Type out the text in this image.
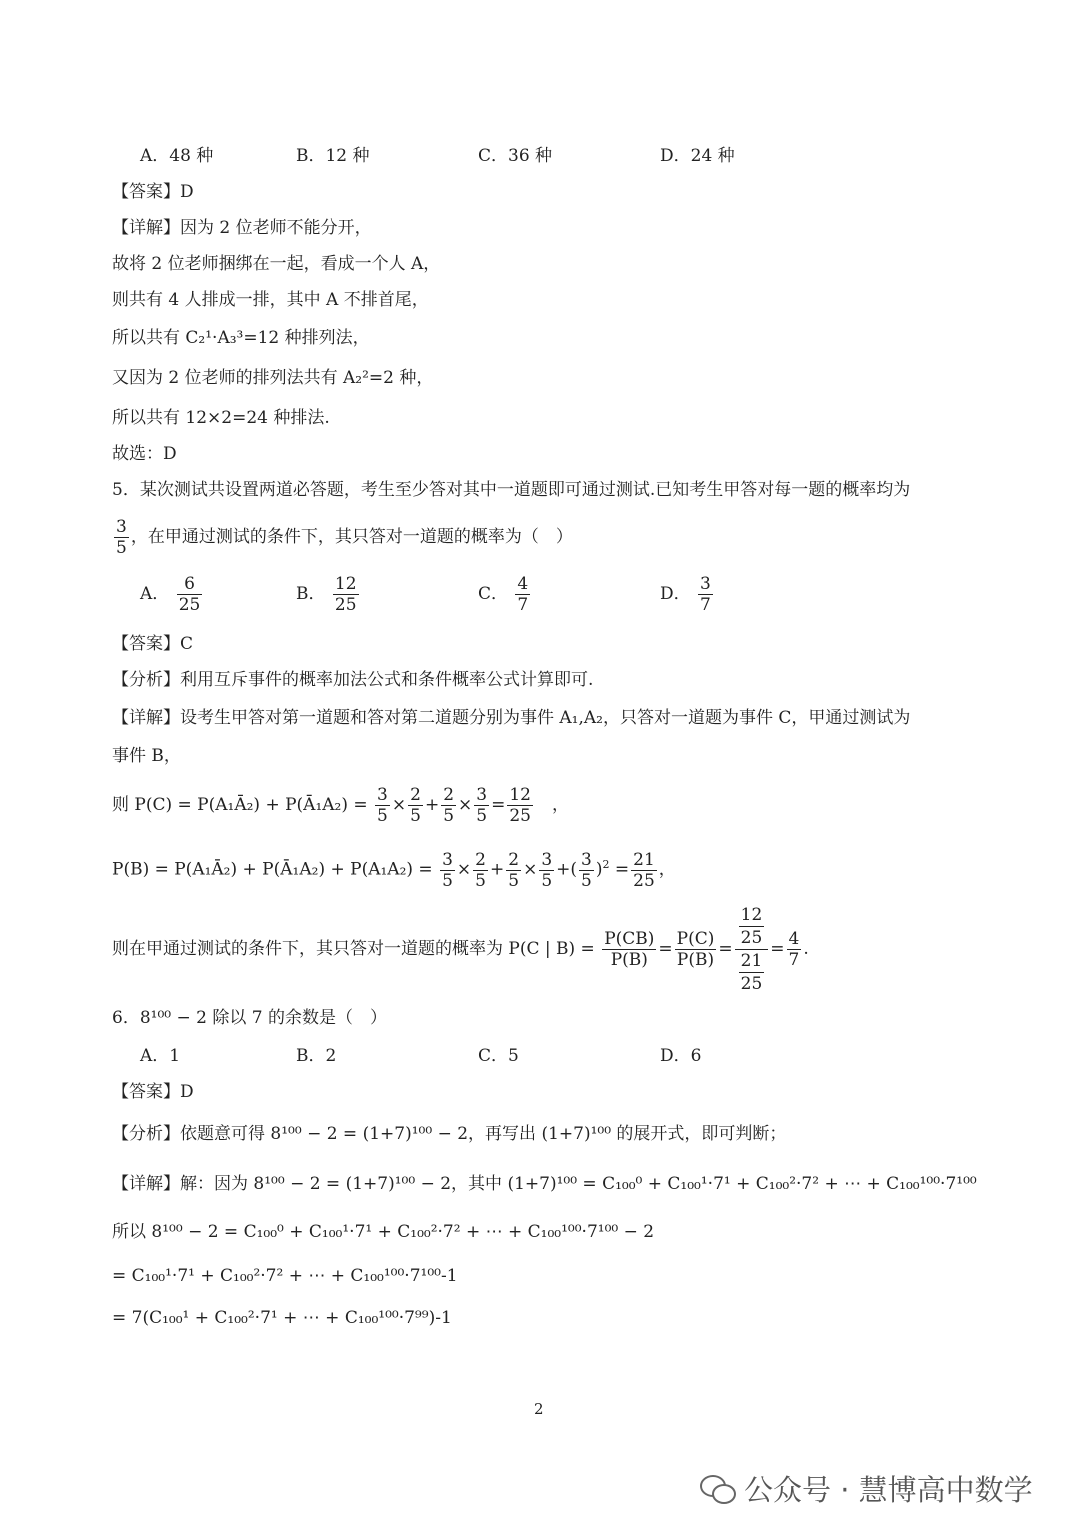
A．48 种	B．12 种	C．36 种	D．24 种
【答案】D
【详解】因为 2 位老师不能分开，
故将 2 位老师捆绑在一起，看成一个人 A，
则共有 4 人排成一排，其中 A 不排首尾，
所以共有 C₂¹·A₃³=12 种排列法，
又因为 2 位老师的排列法共有 A₂²=2 种，
所以共有 12×2=24 种排法.
故选：D
5．某次测试共设置两道必答题，考生至少答对其中一道题即可通过测试.已知考生甲答对每一题的概率均为
$\frac{3}{5}$ ，在甲通过测试的条件下，其只答对一道题的概率为（　）
A． $\frac{6}{25}$	B． $\frac{12}{25}$	C． $\frac{4}{7}$	D． $\frac{3}{7}$
【答案】C
【分析】利用互斥事件的概率加法公式和条件概率公式计算即可.
【详解】设考生甲答对第一道题和答对第二道题分别为事件 A₁,A₂，只答对一道题为事件 C，甲通过测试为
事件 B，
则 P(C) = P(A₁Ā₂) + P(Ā₁A₂) = $\frac{3}{5} \times \frac{2}{5} + \frac{2}{5} \times \frac{3}{5} = \frac{12}{25}$ 　，
P(B) = P(A₁Ā₂) + P(Ā₁A₂) + $P(A_1A_2) = \frac{3}{5} \times \frac{2}{5} + \frac{2}{5} \times \frac{3}{5}$ +( $\frac{3}{5} )^2 = \frac{21}{25}$ ，
则在甲通过测试的条件下，其只答对一道题的概率为 P(C | $B) = \frac{P(CB)}{P(B)} = \frac{P(C)}{P(B)} = \frac{\frac{12}{25}}{\frac{21}{25}} = \frac{4}{7}$ .
6．8¹⁰⁰ − 2 除以 7 的余数是（　）
A．1	B．2	C．5	D．6
【答案】D
【分析】依题意可得 8¹⁰⁰ − 2 = (1+7)¹⁰⁰ − 2，再写出 (1+7)¹⁰⁰ 的展开式，即可判断；
【详解】解：因为 8¹⁰⁰ − 2 = (1+7)¹⁰⁰ − 2，其中 (1+7)¹⁰⁰ = C₁₀₀⁰ + C₁₀₀¹·7¹ + C₁₀₀²·7² + ⋯ + C₁₀₀¹⁰⁰·7¹⁰⁰
所以 8¹⁰⁰ − 2 = C₁₀₀⁰ + C₁₀₀¹·7¹ + C₁₀₀²·7² + ⋯ + C₁₀₀¹⁰⁰·7¹⁰⁰ − 2
= C₁₀₀¹·7¹ + C₁₀₀²·7² + ⋯ + C₁₀₀¹⁰⁰·7¹⁰⁰-1
= 7(C₁₀₀¹ + C₁₀₀²·7¹ + ⋯ + C₁₀₀¹⁰⁰·7⁹⁹)-1
2
公众号 · 慧博高中数学
